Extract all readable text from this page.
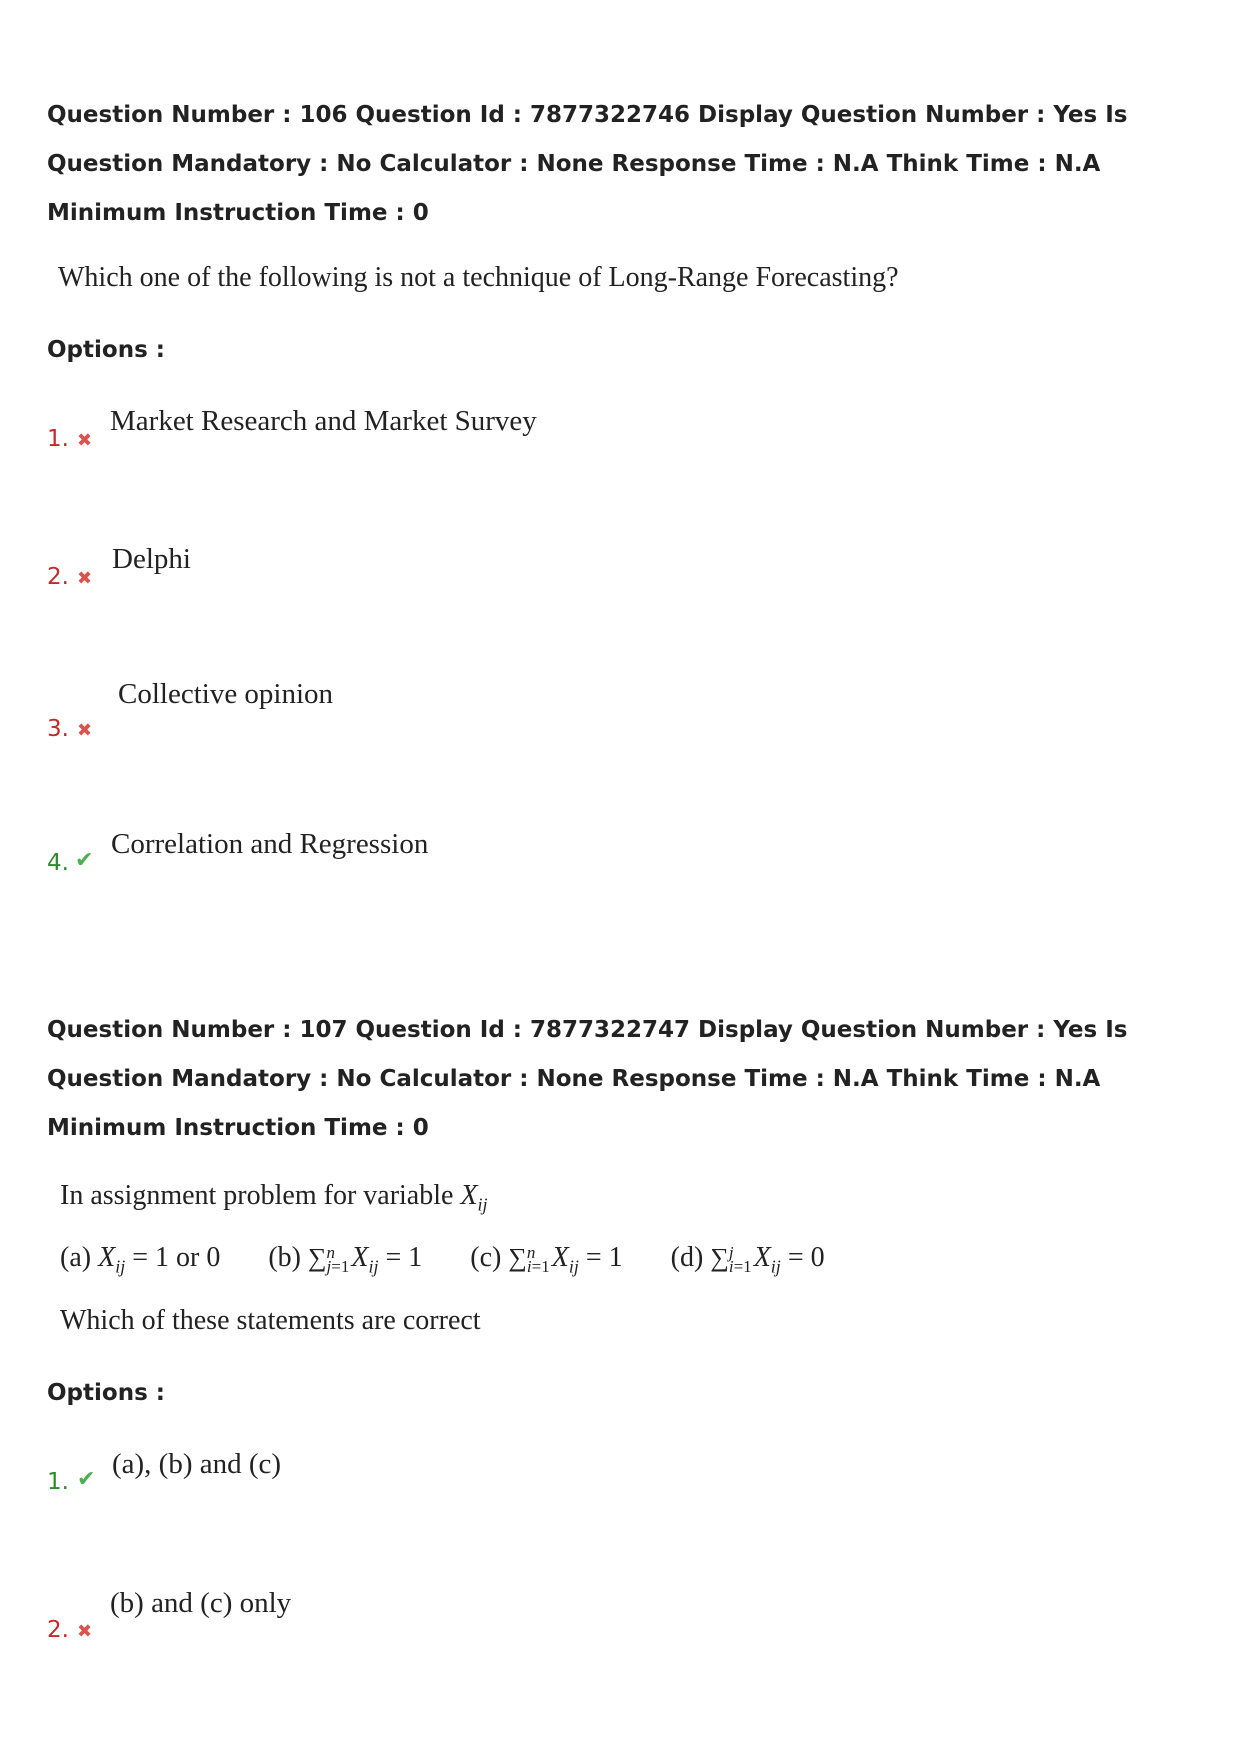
Question Number : 106 Question Id : 7877322746 Display Question Number : Yes Is Question Mandatory : No Calculator : None Response Time : N.A Think Time : N.A Minimum Instruction Time : 0

Which one of the following is not a technique of Long-Range Forecasting?
Options :
1. ✖
Market Research and Market Survey
2. ✖
Delphi
3. ✖
Collective opinion
4. ✔
Correlation and Regression

Question Number : 107 Question Id : 7877322747 Display Question Number : Yes Is Question Mandatory : No Calculator : None Response Time : N.A Think Time : N.A Minimum Instruction Time : 0

In assignment problem for variable $X_{ij}$
(a) $X_{ij} = 1$ or 0 (b) ∑ n
j=1 $X_{ij} = 1$ (c) ∑ n
i=1 $X_{ij} = 1$ (d) ∑ j
i=1 $X_{ij} = 0$
Which of these statements are correct
Options :
1. ✔ (a), (b) and (c)
2. ✖
(b) and (c) only
